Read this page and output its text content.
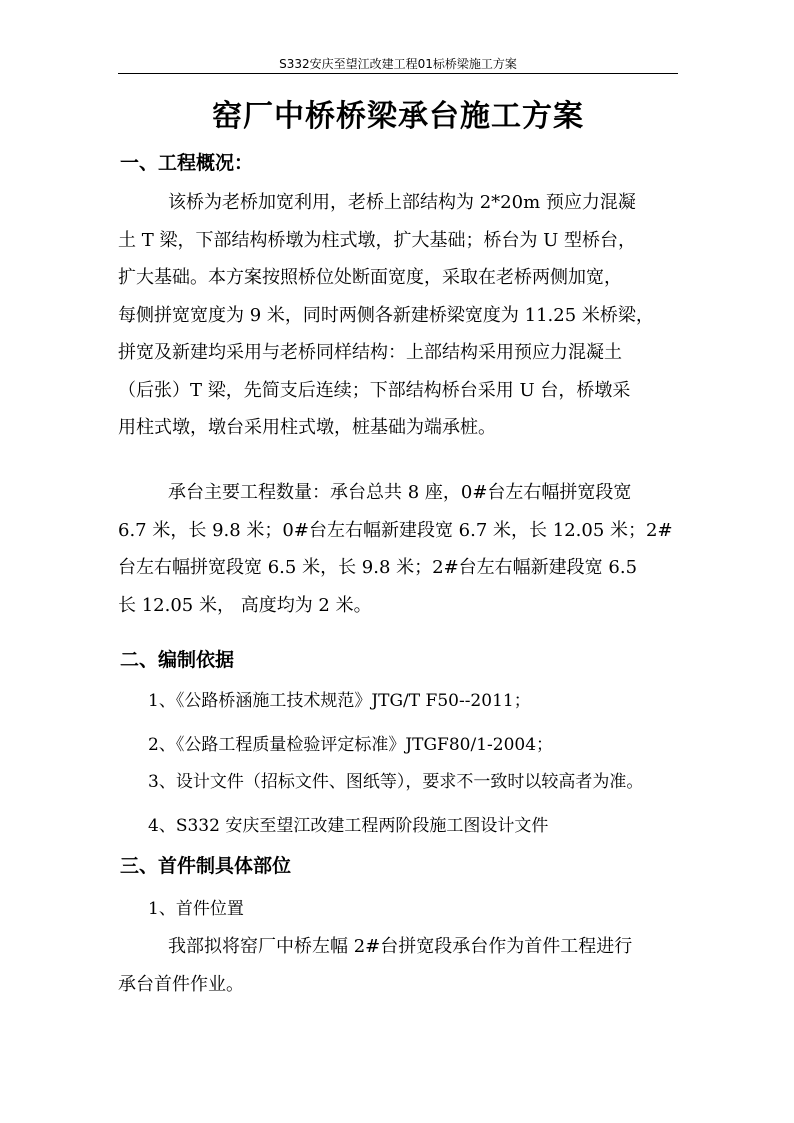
S332安庆至望江改建工程01标桥梁施工方案
窑厂中桥桥梁承台施工方案
一、工程概况：
该桥为老桥加宽利用，老桥上部结构为 2*20m 预应力混凝
土 T 梁，下部结构桥墩为柱式墩，扩大基础；桥台为 U 型桥台，
扩大基础。本方案按照桥位处断面宽度，采取在老桥两侧加宽，
每侧拼宽宽度为 9 米，同时两侧各新建桥梁宽度为 11.25 米桥梁，
拼宽及新建均采用与老桥同样结构：上部结构采用预应力混凝土
（后张）T 梁，先简支后连续；下部结构桥台采用 U 台，桥墩采
用柱式墩，墩台采用柱式墩，桩基础为端承桩。
承台主要工程数量：承台总共 8 座，0#台左右幅拼宽段宽
6.7 米，长 9.8 米；0#台左右幅新建段宽 6.7 米，长 12.05 米；2#
台左右幅拼宽段宽 6.5 米，长 9.8 米；2#台左右幅新建段宽 6.5
长 12.05 米， 高度均为 2 米。
二、编制依据
1、《公路桥涵施工技术规范》JTG/T F50--2011；
2、《公路工程质量检验评定标准》JTGF80/1-2004；
3、设计文件（招标文件、图纸等），要求不一致时以较高者为准。
4、S332 安庆至望江改建工程两阶段施工图设计文件
三、首件制具体部位
1、首件位置
我部拟将窑厂中桥左幅 2#台拼宽段承台作为首件工程进行
承台首件作业。
